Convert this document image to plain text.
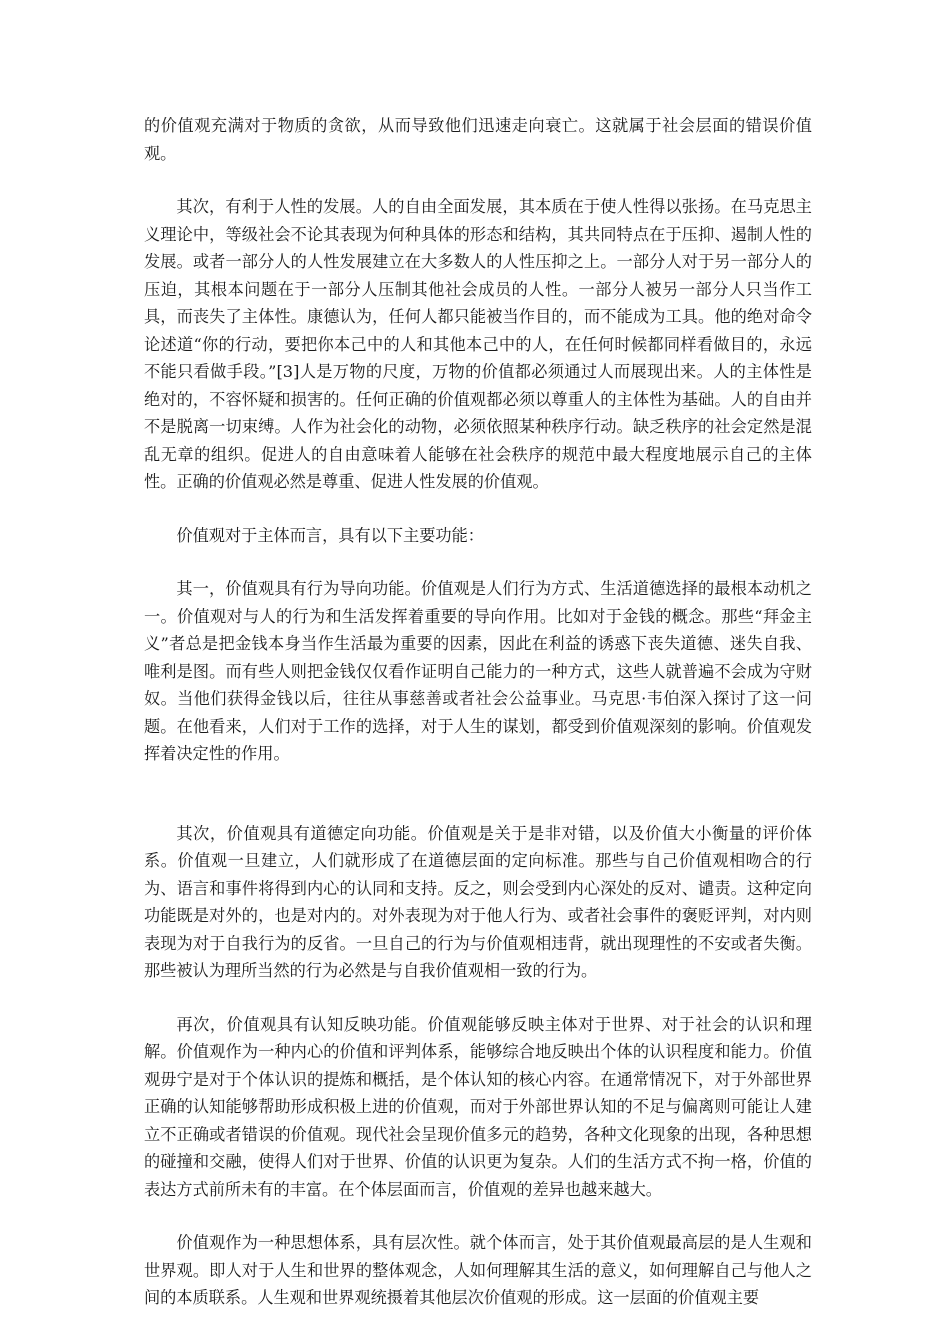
的价值观充满对于物质的贪欲，从而导致他们迅速走向衰亡。这就属于社会层面的错误价值观。

其次，有利于人性的发展。人的自由全面发展，其本质在于使人性得以张扬。在马克思主义理论中，等级社会不论其表现为何种具体的形态和结构，其共同特点在于压抑、遏制人性的发展。或者一部分人的人性发展建立在大多数人的人性压抑之上。一部分人对于另一部分人的压迫，其根本问题在于一部分人压制其他社会成员的人性。一部分人被另一部分人只当作工具，而丧失了主体性。康德认为，任何人都只能被当作目的，而不能成为工具。他的绝对命令论述道“你的行动，要把你本己中的人和其他本己中的人，在任何时候都同样看做目的，永远不能只看做手段。”[3]人是万物的尺度，万物的价值都必须通过人而展现出来。人的主体性是绝对的，不容怀疑和损害的。任何正确的价值观都必须以尊重人的主体性为基础。人的自由并不是脱离一切束缚。人作为社会化的动物，必须依照某种秩序行动。缺乏秩序的社会定然是混乱无章的组织。促进人的自由意味着人能够在社会秩序的规范中最大程度地展示自己的主体性。正确的价值观必然是尊重、促进人性发展的价值观。

价值观对于主体而言，具有以下主要功能：

其一，价值观具有行为导向功能。价值观是人们行为方式、生活道德选择的最根本动机之一。价值观对与人的行为和生活发挥着重要的导向作用。比如对于金钱的概念。那些“拜金主义”者总是把金钱本身当作生活最为重要的因素，因此在利益的诱惑下丧失道德、迷失自我、唯利是图。而有些人则把金钱仅仅看作证明自己能力的一种方式，这些人就普遍不会成为守财奴。当他们获得金钱以后，往往从事慈善或者社会公益事业。马克思·韦伯深入探讨了这一问题。在他看来，人们对于工作的选择，对于人生的谋划，都受到价值观深刻的影响。价值观发挥着决定性的作用。

其次，价值观具有道德定向功能。价值观是关于是非对错，以及价值大小衡量的评价体系。价值观一旦建立，人们就形成了在道德层面的定向标准。那些与自己价值观相吻合的行为、语言和事件将得到内心的认同和支持。反之，则会受到内心深处的反对、谴责。这种定向功能既是对外的，也是对内的。对外表现为对于他人行为、或者社会事件的褒贬评判，对内则表现为对于自我行为的反省。一旦自己的行为与价值观相违背，就出现理性的不安或者失衡。那些被认为理所当然的行为必然是与自我价值观相一致的行为。

再次，价值观具有认知反映功能。价值观能够反映主体对于世界、对于社会的认识和理解。价值观作为一种内心的价值和评判体系，能够综合地反映出个体的认识程度和能力。价值观毋宁是对于个体认识的提炼和概括，是个体认知的核心内容。在通常情况下，对于外部世界正确的认知能够帮助形成积极上进的价值观，而对于外部世界认知的不足与偏离则可能让人建立不正确或者错误的价值观。现代社会呈现价值多元的趋势，各种文化现象的出现，各种思想的碰撞和交融，使得人们对于世界、价值的认识更为复杂。人们的生活方式不拘一格，价值的表达方式前所未有的丰富。在个体层面而言，价值观的差异也越来越大。

价值观作为一种思想体系，具有层次性。就个体而言，处于其价值观最高层的是人生观和世界观。即人对于人生和世界的整体观念，人如何理解其生活的意义，如何理解自己与他人之间的本质联系。人生观和世界观统摄着其他层次价值观的形成。这一层面的价值观主要
